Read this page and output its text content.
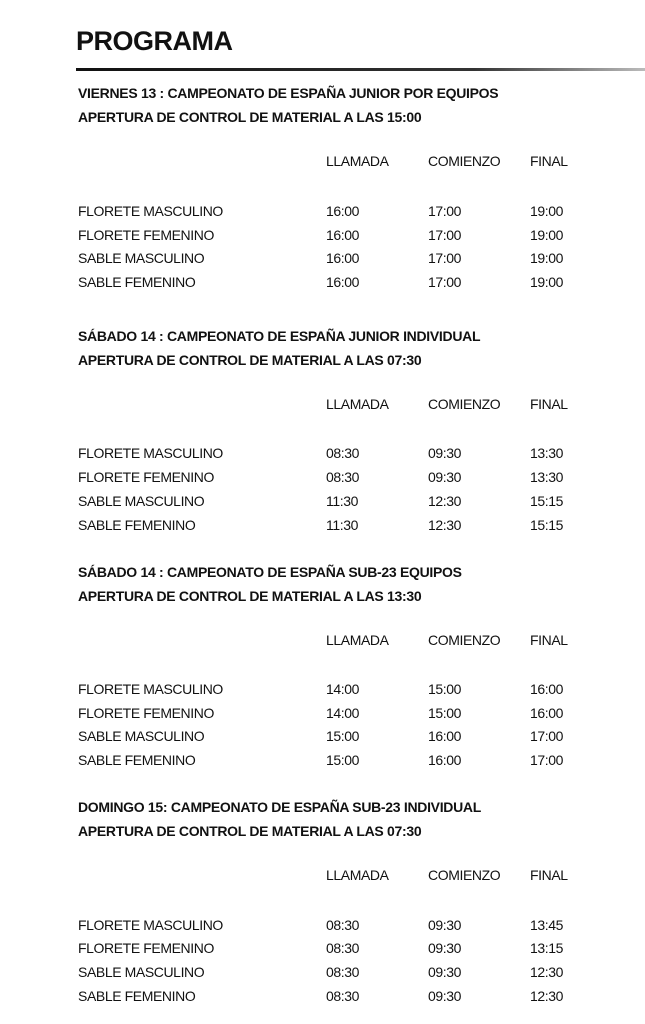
PROGRAMA
VIERNES 13 : CAMPEONATO DE ESPAÑA JUNIOR POR EQUIPOS
APERTURA DE CONTROL DE MATERIAL A LAS 15:00
LLAMADA	COMIENZO FINAL
FLORETE MASCULINO	16:00	17:00	19:00
FLORETE FEMENINO	16:00	17:00	19:00
SABLE MASCULINO	16:00	17:00	19:00
SABLE FEMENINO	16:00	17:00	19:00
SÁBADO 14 : CAMPEONATO DE ESPAÑA JUNIOR INDIVIDUAL
APERTURA DE CONTROL DE MATERIAL A LAS 07:30
LLAMADA	COMIENZO FINAL
FLORETE MASCULINO	08:30	09:30	13:30
FLORETE FEMENINO	08:30	09:30	13:30
SABLE MASCULINO	11:30	12:30	15:15
SABLE FEMENINO	11:30	12:30	15:15
SÁBADO 14 : CAMPEONATO DE ESPAÑA SUB-23 EQUIPOS
APERTURA DE CONTROL DE MATERIAL A LAS 13:30
LLAMADA	COMIENZO FINAL
FLORETE MASCULINO	14:00	15:00	16:00
FLORETE FEMENINO	14:00	15:00	16:00
SABLE MASCULINO	15:00	16:00	17:00
SABLE FEMENINO	15:00	16:00	17:00
DOMINGO 15: CAMPEONATO DE ESPAÑA SUB-23 INDIVIDUAL
APERTURA DE CONTROL DE MATERIAL A LAS 07:30
LLAMADA	COMIENZO FINAL
FLORETE MASCULINO	08:30	09:30	13:45
FLORETE FEMENINO	08:30	09:30	13:15
SABLE MASCULINO	08:30	09:30	12:30
SABLE FEMENINO	08:30	09:30	12:30
